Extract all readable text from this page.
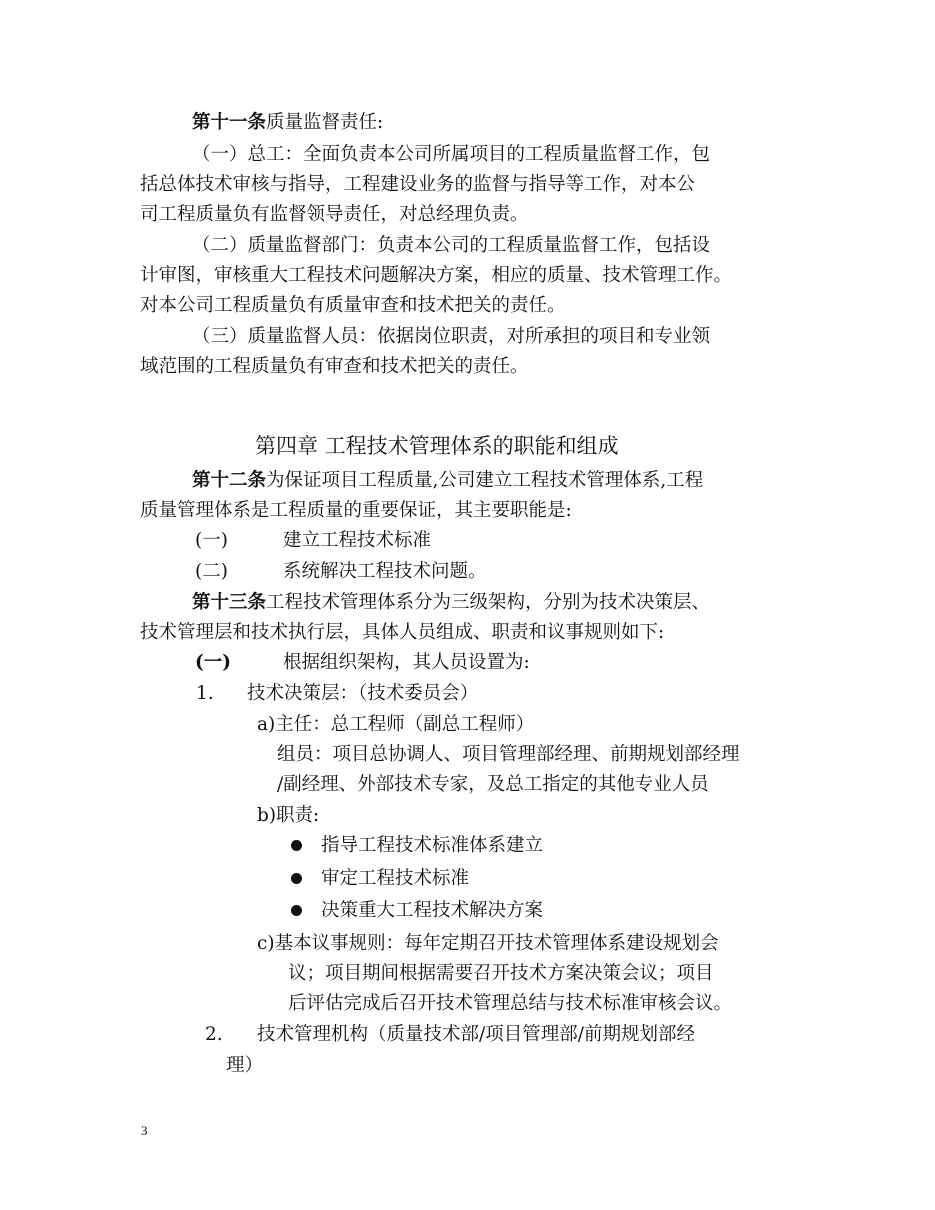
第十一条质量监督责任:
（一）总工：全面负责本公司所属项目的工程质量监督工作，包
括总体技术审核与指导，工程建设业务的监督与指导等工作，对本公
司工程质量负有监督领导责任，对总经理负责。
（二）质量监督部门：负责本公司的工程质量监督工作，包括设
计审图，审核重大工程技术问题解决方案，相应的质量、技术管理工作。
对本公司工程质量负有质量审查和技术把关的责任。
（三）质量监督人员：依据岗位职责，对所承担的项目和专业领
域范围的工程质量负有审查和技术把关的责任。
第四章 工程技术管理体系的职能和组成
第十二条为保证项目工程质量,公司建立工程技术管理体系,工程
质量管理体系是工程质量的重要保证，其主要职能是:
(一)	建立工程技术标准
(二)	系统解决工程技术问题。
第十三条工程技术管理体系分为三级架构，分别为技术决策层、
技术管理层和技术执行层，具体人员组成、职责和议事规则如下:
(一)	根据组织架构，其人员设置为:
1. 技术决策层：（技术委员会）
a)主任：总工程师（副总工程师）
组员：项目总协调人、项目管理部经理、前期规划部经理
/副经理、外部技术专家，及总工指定的其他专业人员
b)职责:
指导工程技术标准体系建立
审定工程技术标准
决策重大工程技术解决方案
c)基本议事规则：每年定期召开技术管理体系建设规划会
议；项目期间根据需要召开技术方案决策会议；项目
后评估完成后召开技术管理总结与技术标准审核会议。
2. 技术管理机构（质量技术部/项目管理部/前期规划部经
理）
3
